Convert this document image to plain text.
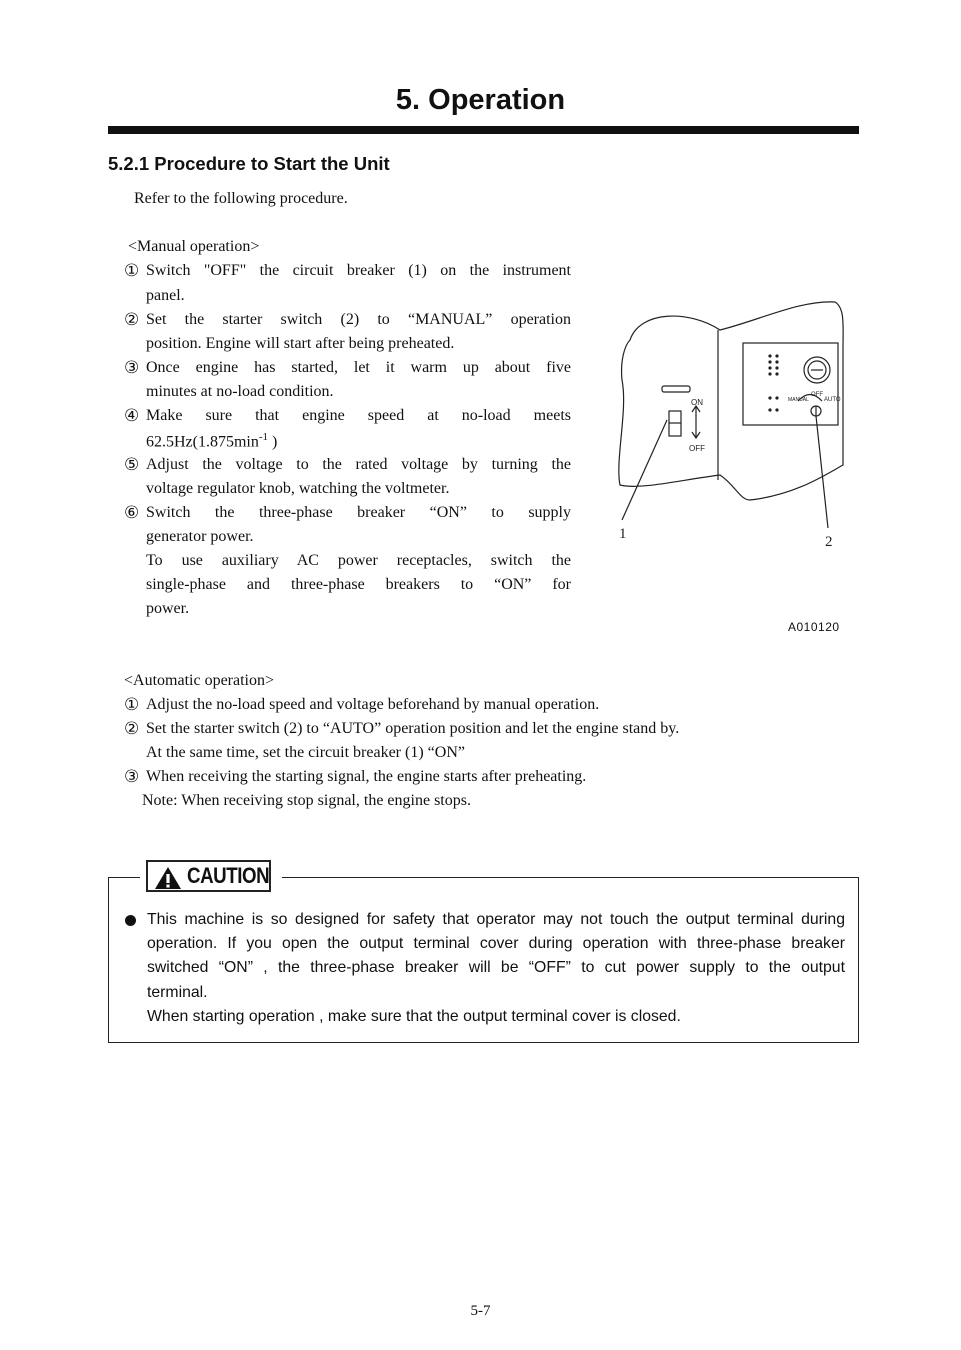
5. Operation
5.2.1 Procedure to Start the Unit
Refer to the following procedure.
<Manual operation>
① Switch "OFF" the circuit breaker (1) on the instrument
panel.
② Set the starter switch (2) to “MANUAL” operation
position. Engine will start after being preheated.
③ Once engine has started, let it warm up about five
minutes at no-load condition.
④ Make sure that engine speed at no-load meets
$62.5Hz(1.875\min^{-1}$ )
⑤ Adjust the voltage to the rated voltage by turning the
voltage regulator knob, watching the voltmeter.
⑥ Switch the three-phase breaker “ON” to supply
generator power.
To use auxiliary AC power receptacles, switch the
single-phase and three-phase breakers to “ON” for
power.
ON
OFF
OFF
MANUAL	AUTO
1	2
A010120
<Automatic operation>
① Adjust the no-load speed and voltage beforehand by manual operation.
② Set the starter switch (2) to “AUTO” operation position and let the engine stand by.
At the same time, set the circuit breaker (1) “ON”
③ When receiving the starting signal, the engine starts after preheating.
Note: When receiving stop signal, the engine stops.
CAUTION
This machine is so designed for safety that operator may not touch the output terminal during
operation. If you open the output terminal cover during operation with three-phase breaker
switched “ON” , the three-phase breaker will be “OFF” to cut power supply to the output
terminal.
When starting operation , make sure that the output terminal cover is closed.
5-7
